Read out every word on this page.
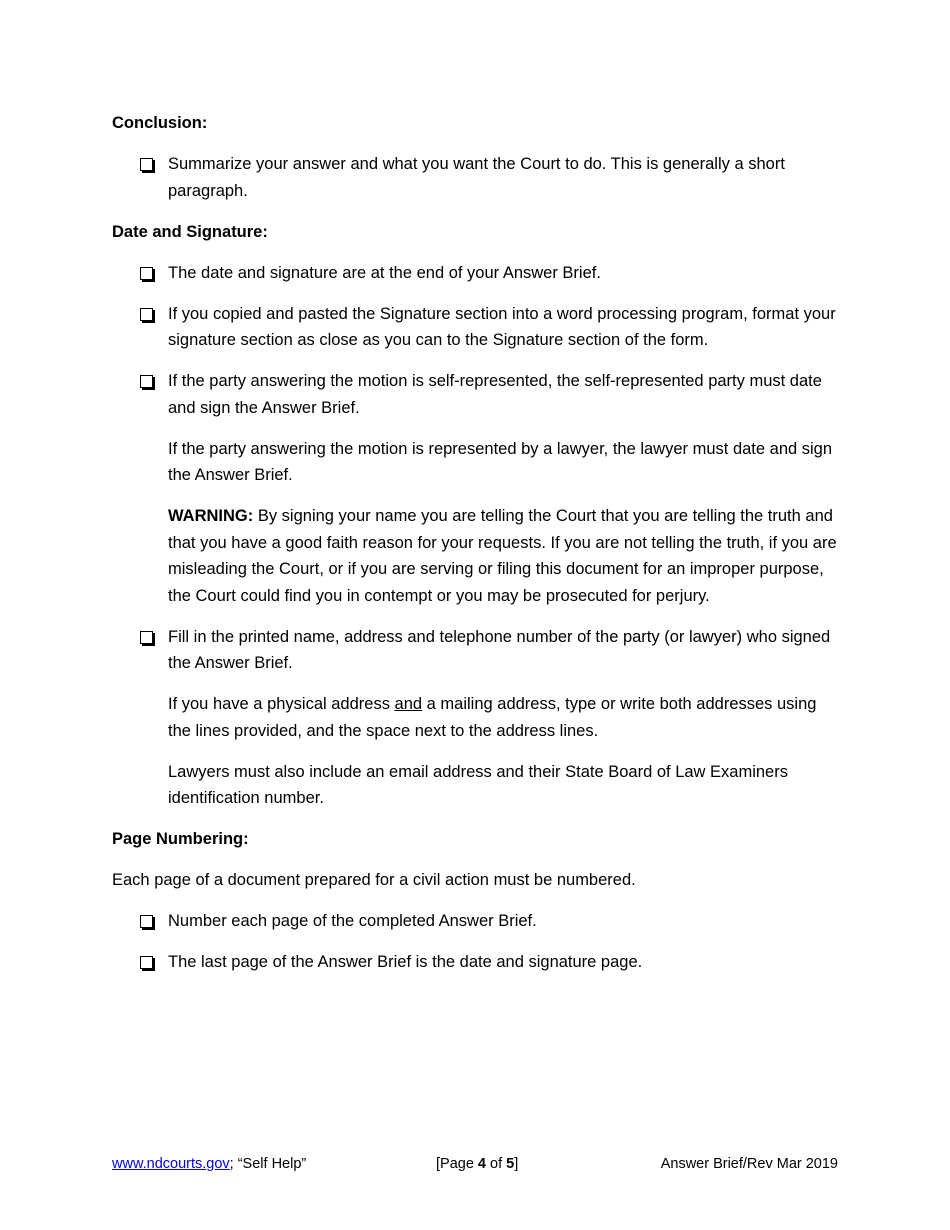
Conclusion:

Summarize your answer and what you want the Court to do. This is generally a short paragraph.

Date and Signature:

The date and signature are at the end of your Answer Brief.
If you copied and pasted the Signature section into a word processing program, format your signature section as close as you can to the Signature section of the form.
If the party answering the motion is self-represented, the self-represented party must date and sign the Answer Brief.

If the party answering the motion is represented by a lawyer, the lawyer must date and sign the Answer Brief.

WARNING: By signing your name you are telling the Court that you are telling the truth and that you have a good faith reason for your requests. If you are not telling the truth, if you are misleading the Court, or if you are serving or filing this document for an improper purpose, the Court could find you in contempt or you may be prosecuted for perjury.

Fill in the printed name, address and telephone number of the party (or lawyer) who signed the Answer Brief.

If you have a physical address and a mailing address, type or write both addresses using the lines provided, and the space next to the address lines.

Lawyers must also include an email address and their State Board of Law Examiners identification number.

Page Numbering:

Each page of a document prepared for a civil action must be numbered.

Number each page of the completed Answer Brief.
The last page of the Answer Brief is the date and signature page.
www.ndcourts.gov; “Self Help”	[Page 4 of 5]	Answer Brief/Rev Mar 2019
